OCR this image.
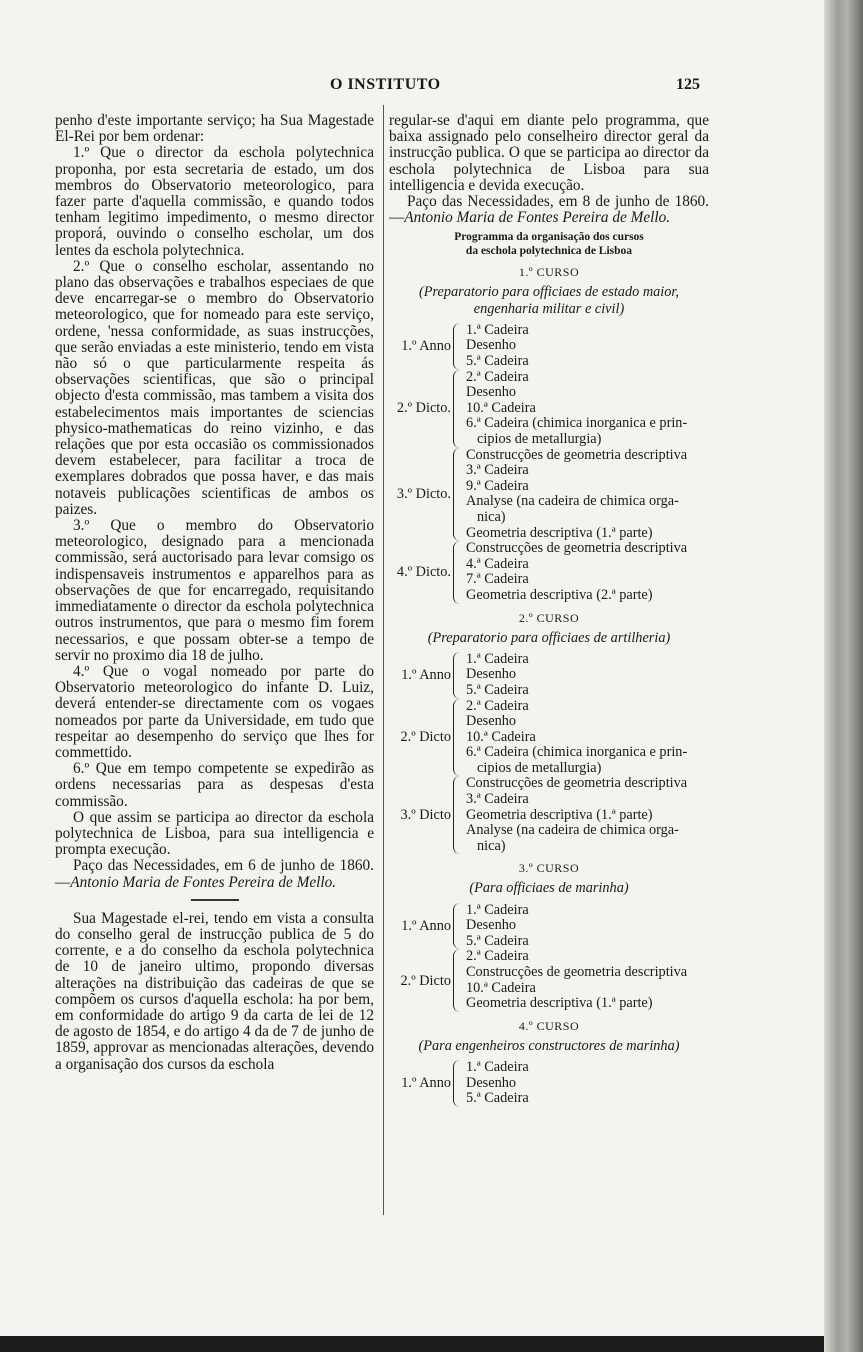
O INSTITUTO	125

penho d'este importante serviço; ha Sua Magestade El-Rei por bem ordenar:

1.º Que o director da eschola polytechnica proponha, por esta secretaria de estado, um dos membros do Observatorio meteorologico, para fazer parte d'aquella commissão, e quando todos tenham legitimo impedimento, o mesmo director proporá, ouvindo o conselho escholar, um dos lentes da eschola polytechnica.

2.º Que o conselho escholar, assentando no plano das observações e trabalhos especiaes de que deve encarregar-se o membro do Observatorio meteorologico, que for nomeado para este serviço, ordene, 'nessa conformidade, as suas instrucções, que serão enviadas a este ministerio, tendo em vista não só o que particularmente respeita ás observações scientificas, que são o principal objecto d'esta commissão, mas tambem a visita dos estabelecimentos mais importantes de sciencias physico-mathematicas do reino vizinho, e das relações que por esta occasião os commissionados devem estabelecer, para facilitar a troca de exemplares dobrados que possa haver, e das mais notaveis publicações scientificas de ambos os paizes.

3.º Que o membro do Observatorio meteorologico, designado para a mencionada commissão, será auctorisado para levar comsigo os indispensaveis instrumentos e apparelhos para as observações de que for encarregado, requisitando immediatamente o director da eschola polytechnica outros instrumentos, que para o mesmo fim forem necessarios, e que possam obter-se a tempo de servir no proximo dia 18 de julho.

4.º Que o vogal nomeado por parte do Observatorio meteorologico do infante D. Luiz, deverá entender-se directamente com os vogaes nomeados por parte da Universidade, em tudo que respeitar ao desempenho do serviço que lhes for commettido.

6.º Que em tempo competente se expedirão as ordens necessarias para as despesas d'esta commissão.

O que assim se participa ao director da eschola polytechnica de Lisboa, para sua intelligencia e prompta execução.

Paço das Necessidades, em 6 de junho de 1860.—Antonio Maria de Fontes Pereira de Mello.

Sua Magestade el-rei, tendo em vista a consulta do conselho geral de instrucção publica de 5 do corrente, e a do conselho da eschola polytechnica de 10 de janeiro ultimo, propondo diversas alterações na distribuição das cadeiras de que se compõem os cursos d'aquella eschola: ha por bem, em conformidade do artigo 9 da carta de lei de 12 de agosto de 1854, e do artigo 4 da de 7 de junho de 1859, approvar as mencionadas alterações, devendo a organisação dos cursos da eschola

regular-se d'aqui em diante pelo programma, que baixa assignado pelo conselheiro director geral da instrucção publica. O que se participa ao director da eschola polytechnica de Lisboa para sua intelligencia e devida execução.

Paço das Necessidades, em 8 de junho de 1860.—Antonio Maria de Fontes Pereira de Mello.

Programma da organisação dos cursos
da eschola polytechnica de Lisboa
1.º CURSO
(Preparatorio para officiaes de estado maior, engenharia militar e civil)
1.º Anno
1.ª Cadeira
Desenho
5.ª Cadeira
2.º Dicto.
2.ª Cadeira
Desenho
10.ª Cadeira
6.ª Cadeira (chimica inorganica e prin-
cipios de metallurgia)
3.º Dicto.
Construcções de geometria descriptiva
3.ª Cadeira
9.ª Cadeira
Analyse (na cadeira de chimica orga-
nica)
Geometria descriptiva (1.ª parte)
4.º Dicto.
Construcções de geometria descriptiva
4.ª Cadeira
7.ª Cadeira
Geometria descriptiva (2.ª parte)
2.º CURSO
(Preparatorio para officiaes de artilheria)
1.º Anno
1.ª Cadeira
Desenho
5.ª Cadeira
2.º Dicto
2.ª Cadeira
Desenho
10.ª Cadeira
6.ª Cadeira (chimica inorganica e prin-
cipios de metallurgia)
3.º Dicto
Construcções de geometria descriptiva
3.ª Cadeira
Geometria descriptiva (1.ª parte)
Analyse (na cadeira de chimica orga-
nica)
3.º CURSO
(Para officiaes de marinha)
1.º Anno
1.ª Cadeira
Desenho
5.ª Cadeira
2.º Dicto
2.ª Cadeira
Construcções de geometria descriptiva
10.ª Cadeira
Geometria descriptiva (1.ª parte)
4.º CURSO
(Para engenheiros constructores de marinha)
1.º Anno
1.ª Cadeira
Desenho
5.ª Cadeira
